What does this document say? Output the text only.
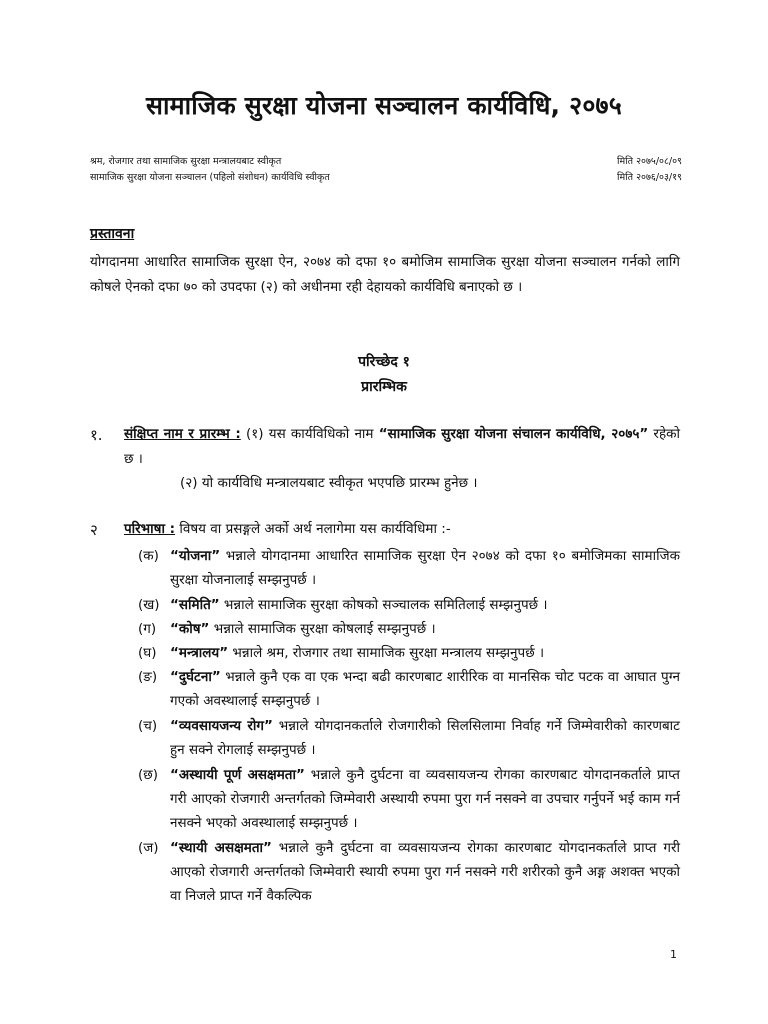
सामाजिक सुरक्षा योजना सञ्चालन कार्यविधि, २०७५
श्रम, रोजगार तथा सामाजिक सुरक्षा मन्त्रालयबाट स्वीकृत	मिति २०७५/०८/०९
सामाजिक सुरक्षा योजना सञ्चालन (पहिलो संशोधन) कार्यविधि स्वीकृत	मिति २०७६/०३/१९
प्रस्तावना
योगदानमा आधारित सामाजिक सुरक्षा ऐन, २०७४ को दफा १० बमोजिम सामाजिक सुरक्षा योजना सञ्चालन गर्नको लागि कोषले ऐनको दफा ७० को उपदफा (२) को अधीनमा रही देहायको कार्यविधि बनाएको छ ।
परिच्छेद १
प्रारम्भिक
१. संक्षिप्त नाम र प्रारम्भ : (१) यस कार्यविधिको नाम “सामाजिक सुरक्षा योजना संचालन कार्यविधि, २०७५” रहेको छ ।
(२) यो कार्यविधि मन्त्रालयबाट स्वीकृत भएपछि प्रारम्भ हुनेछ ।
२ परिभाषा : विषय वा प्रसङ्गले अर्को अर्थ नलागेमा यस कार्यविधिमा :-
(क) “योजना” भन्नाले योगदानमा आधारित सामाजिक सुरक्षा ऐन २०७४ को दफा १० बमोजिमका सामाजिक सुरक्षा योजनालाई सम्झनुपर्छ ।
(ख) “समिति” भन्नाले सामाजिक सुरक्षा कोषको सञ्चालक समितिलाई सम्झनुपर्छ ।
(ग)	“कोष” भन्नाले सामाजिक सुरक्षा कोषलाई सम्झनुपर्छ ।
(घ) “मन्त्रालय” भन्नाले श्रम, रोजगार तथा सामाजिक सुरक्षा मन्त्रालय सम्झनुपर्छ ।
(ङ) “दुर्घटना” भन्नाले कुनै एक वा एक भन्दा बढी कारणबाट शारीरिक वा मानसिक चोट पटक वा आघात पुग्न गएको अवस्थालाई सम्झनुपर्छ ।
(च) “व्यवसायजन्य रोग” भन्नाले योगदानकर्ताले रोजगारीको सिलसिलामा निर्वाह गर्ने जिम्मेवारीको कारणबाट हुन सक्ने रोगलाई सम्झनुपर्छ ।
(छ) “अस्थायी पूर्ण असक्षमता” भन्नाले कुनै दुर्घटना वा व्यवसायजन्य रोगका कारणबाट योगदानकर्ताले प्राप्त गरी आएको रोजगारी अन्तर्गतको जिम्मेवारी अस्थायी रुपमा पुरा गर्न नसक्ने वा उपचार गर्नुपर्ने भई काम गर्न नसक्ने भएको अवस्थालाई सम्झनुपर्छ ।
(ज) “स्थायी असक्षमता” भन्नाले कुनै दुर्घटना वा व्यवसायजन्य रोगका कारणबाट योगदानकर्ताले प्राप्त गरी आएको रोजगारी अन्तर्गतको जिम्मेवारी स्थायी रुपमा पुरा गर्न नसक्ने गरी शरीरको कुनै अङ्ग अशक्त भएको वा निजले प्राप्त गर्ने वैकल्पिक
1
